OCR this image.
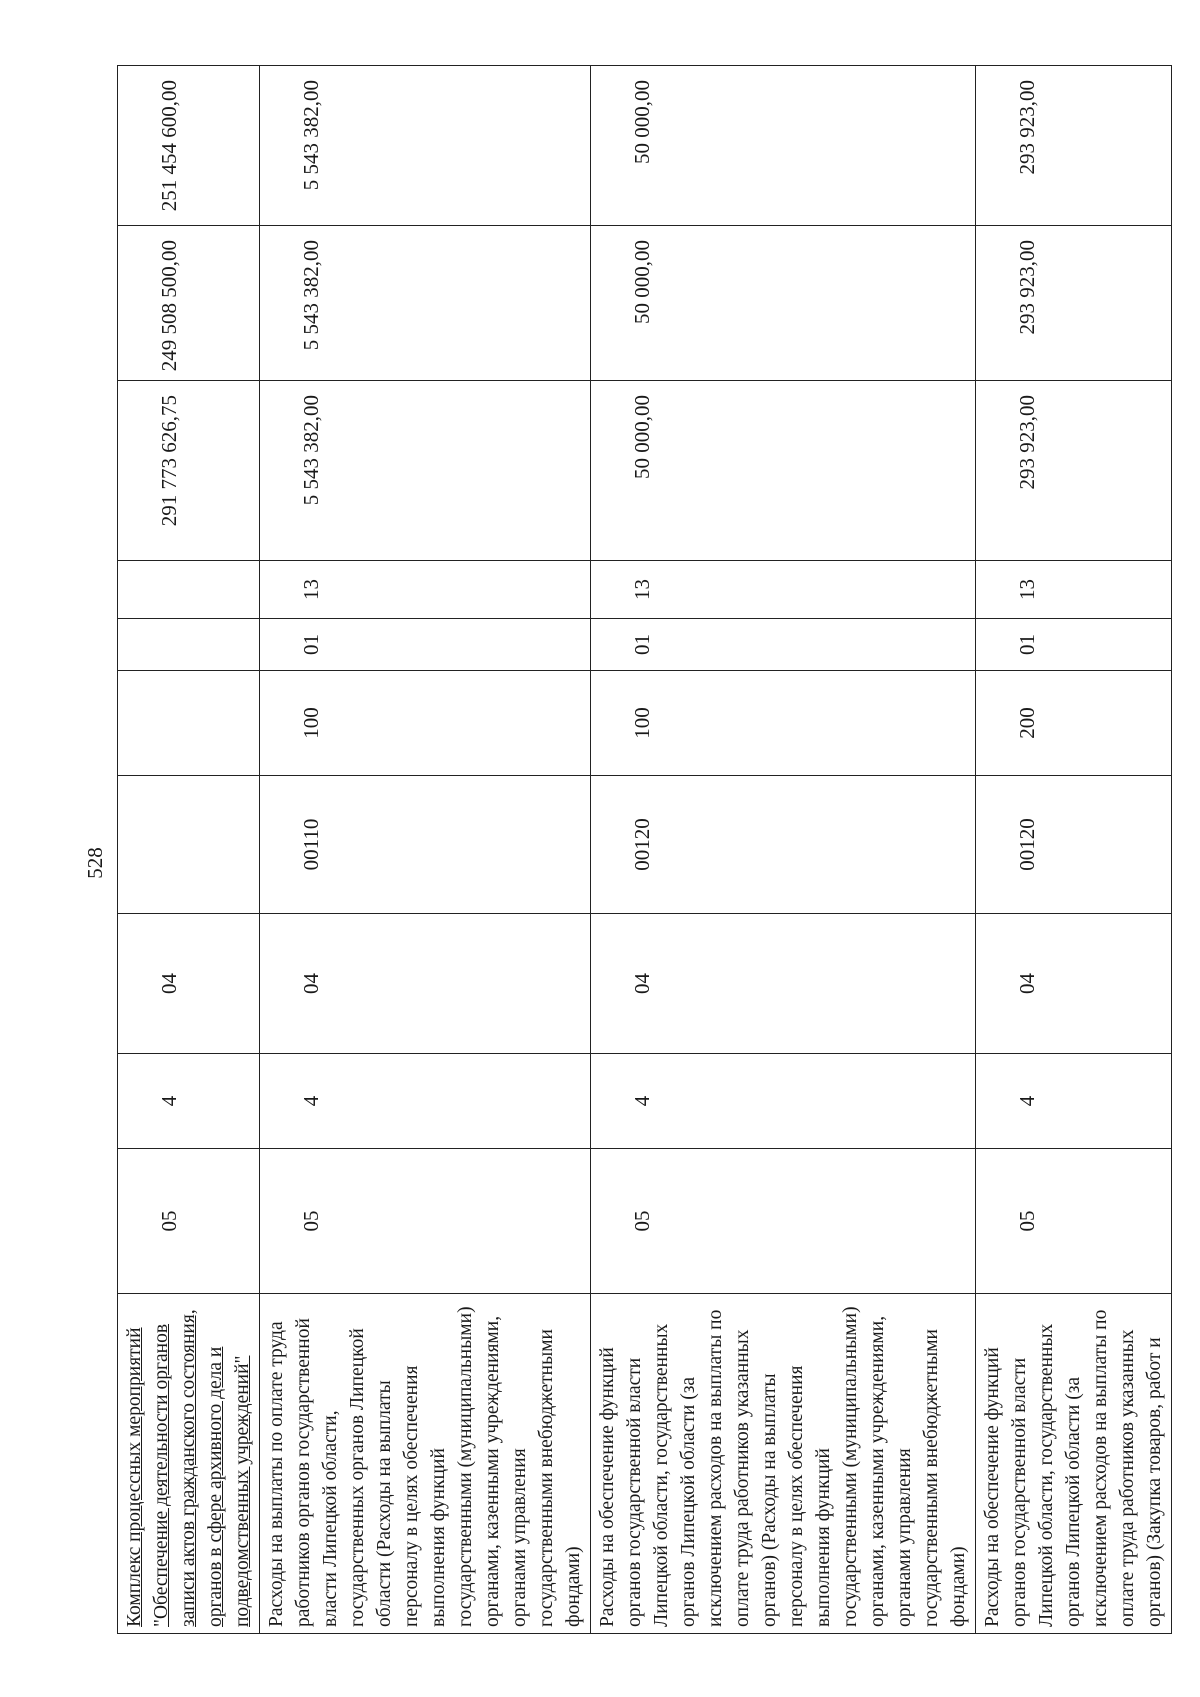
528
Комплекс процессных мероприятий "Обеспечение деятельности органов записи актов гражданского состояния, органов в сфере архивного дела и подведомственных учреждений"	05	4	04					291 773 626,75	249 508 500,00	251 454 600,00
Расходы на выплаты по оплате труда работников органов государственной власти Липецкой области, государственных органов Липецкой области (Расходы на выплаты персоналу в целях обеспечения выполнения функций государственными (муниципальными) органами, казенными учреждениями, органами управления государственными внебюджетными фондами)	05	4	04	00110	100	01	13	5 543 382,00	5 543 382,00	5 543 382,00
Расходы на обеспечение функций органов государственной власти Липецкой области, государственных органов Липецкой области (за исключением расходов на выплаты по оплате труда работников указанных органов) (Расходы на выплаты персоналу в целях обеспечения выполнения функций государственными (муниципальными) органами, казенными учреждениями, органами управления государственными внебюджетными фондами)	05	4	04	00120	100	01	13	50 000,00	50 000,00	50 000,00
Расходы на обеспечение функций органов государственной власти Липецкой области, государственных органов Липецкой области (за исключением расходов на выплаты по оплате труда работников указанных органов) (Закупка товаров, работ и	05	4	04	00120	200	01	13	293 923,00	293 923,00	293 923,00
